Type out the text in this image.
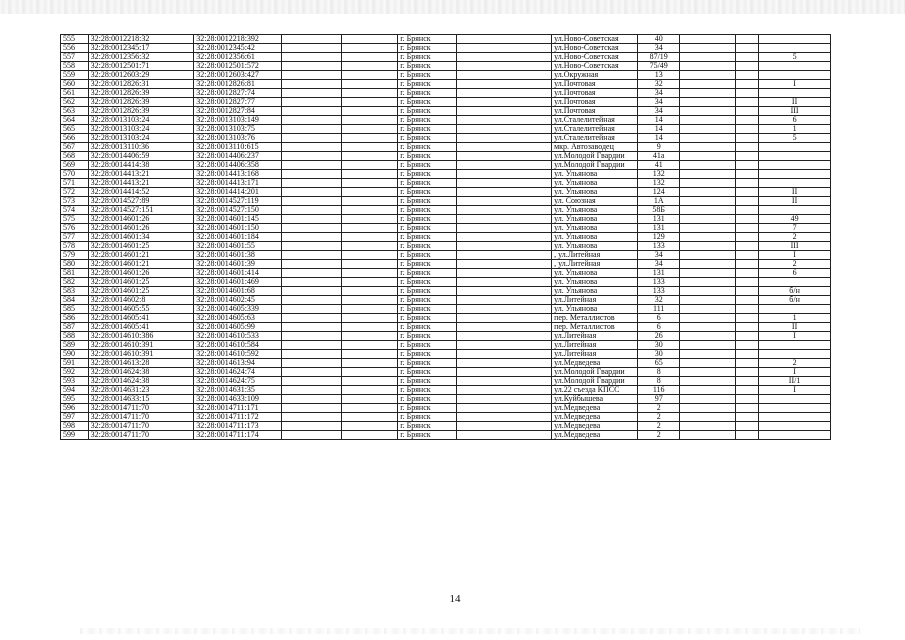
555	32:28:0012218:32	32:28:0012218:392			г. Брянск		ул.Ново-Советская	40			
556	32:28:0012345:17	32:28:0012345:42			г. Брянск		ул.Ново-Советская	34			
557	32:28:0012356:32	32:28:0012356:61			г. Брянск		ул.Ново-Советская	87/19			5
558	32:28:0012501:71	32:28:0012501:572			г. Брянск		ул.Ново-Советская	75/49			
559	32:28:0012603:29	32:28:0012603:427			г. Брянск		ул.Окружная	13			
560	32:28:0012826:31	32:28:0012826:81			г. Брянск		ул.Почтовая	32			I
561	32:28:0012826:39	32:28:0012827:74			г. Брянск		ул.Почтовая	34			
562	32:28:0012826:39	32:28:0012827:77			г. Брянск		ул.Почтовая	34			II
563	32:28:0012826:39	32:28:0012827:84			г. Брянск		ул.Почтовая	34			III
564	32:28:0013103:24	32:28:0013103:149			г. Брянск		ул.Сталелитейная	14			6
565	32:28:0013103:24	32:28:0013103:75			г. Брянск		ул.Сталелитейная	14			1
566	32:28:0013103:24	32:28:0013103:76			г. Брянск		ул.Сталелитейная	14			5
567	32:28:0013110:36	32:28:0013110:615			г. Брянск		мкр. Автозаводец	9			
568	32:28:0014406:59	32:28:0014406:237			г. Брянск		ул.Молодой Гвардии	41а			
569	32:28:0014414:38	32:28:0014406:358			г. Брянск		ул.Молодой Гвардии	41			
570	32:28:0014413:21	32:28:0014413:168			г. Брянск		ул. Ульянова	132			
571	32:28:0014413:21	32:28:0014413:171			г. Брянск		ул. Ульянова	132			
572	32:28:0014414:52	32:28:0014414:201			г. Брянск		ул. Ульянова	124			II
573	32:28:0014527:89	32:28:0014527:119			г. Брянск		ул. Союзная	1А			II
574	32:28:0014527:151	32:28:0014527:150			г. Брянск		ул. Ульянова	58Б			
575	32:28:0014601:26	32:28:0014601:145			г. Брянск		ул. Ульянова	131			49
576	32:28:0014601:26	32:28:0014601:150			г. Брянск		ул. Ульянова	131			7
577	32:28:0014601:34	32:28:0014601:184			г. Брянск		ул. Ульянова	129			2
578	32:28:0014601:25	32:28:0014601:55			г. Брянск		ул. Ульянова	133			III
579	32:28:0014601:21	32:28:0014601:38			г. Брянск		, ул.Литейная	34			I
580	32:28:0014601:21	32:28:0014601:39			г. Брянск		, ул.Литейная	34			2
581	32:28:0014601:26	32:28:0014601:414			г. Брянск		ул. Ульянова	131			6
582	32:28:0014601:25	32:28:0014601:469			г. Брянск		ул. Ульянова	133			
583	32:28:0014601:25	32:28:0014601:68			г. Брянск		ул. Ульянова	133			б/н
584	32:28:0014602:8	32:28:0014602:45			г. Брянск		ул.Литейная	32			б/н
585	32:28:0014605:55	32:28:0014605:339			г. Брянск		ул. Ульянова	111			
586	32:28:0014605:41	32:28:0014605:63			г. Брянск		пер. Металлистов	6			1
587	32:28:0014605:41	32:28:0014605:99			г. Брянск		пер. Металлистов	6			II
588	32:28:0014610:386	32:28:0014610:533			г. Брянск		ул.Литейная	26			I
589	32:28:0014610:391	32:28:0014610:584			г. Брянск		ул.Литейная	30			
590	32:28:0014610:391	32:28:0014610:592			г. Брянск		ул.Литейная	30			
591	32:28:0014613:28	32:28:0014613:94			г. Брянск		ул.Медведева	65			2
592	32:28:0014624:38	32:28:0014624:74			г. Брянск		ул.Молодой Гвардии	8			I
593	32:28:0014624:38	32:28:0014624:75			г. Брянск		ул.Молодой Гвардии	8			II/1
594	32:28:0014631:23	32:28:0014631:35			г. Брянск		ул.22 съезда КПСС	116			I
595	32:28:0014633:15	32:28:0014633:109			г. Брянск		ул.Куйбышева	97			
596	32:28:0014711:70	32:28:0014711:171			г. Брянск		ул.Медведева	2			
597	32:28:0014711:70	32:28:0014711:172			г. Брянск		ул.Медведева	2			
598	32:28:0014711:70	32:28:0014711:173			г. Брянск		ул.Медведева	2			
599	32:28:0014711:70	32:28:0014711:174			г. Брянск		ул.Медведева	2			
14
